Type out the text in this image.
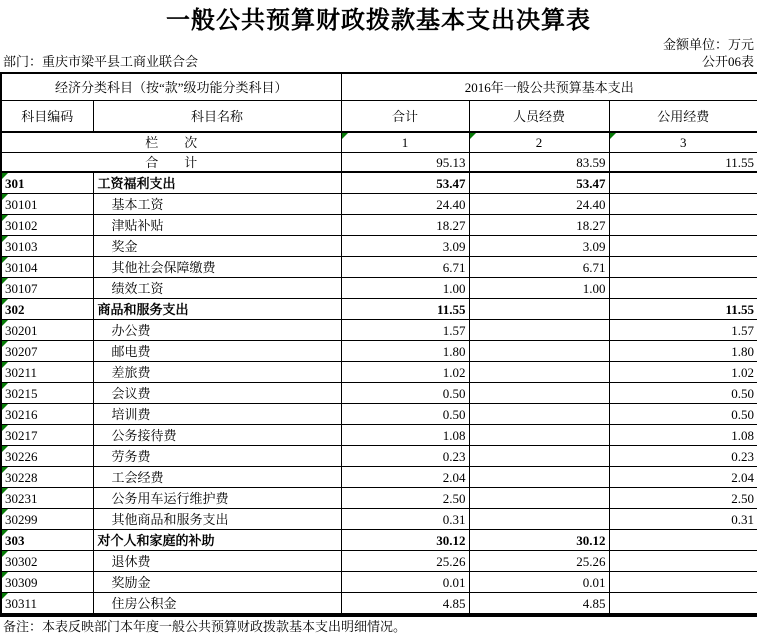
一般公共预算财政拨款基本支出决算表
金额单位：万元
部门：重庆市梁平县工商业联合会	公开06表
经济分类科目（按“款”级功能分类科目）		2016年一般公共预算基本支出		
科目编码	科目名称	合计	人员经费	公用经费
栏　　次		1	2	3
合　　计		95.13	83.59	11.55
301	工资福利支出	53.47	53.47	
30101	基本工资	24.40	24.40	
30102	津贴补贴	18.27	18.27	
30103	奖金	3.09	3.09	
30104	其他社会保障缴费	6.71	6.71	
30107	绩效工资	1.00	1.00	
302	商品和服务支出	11.55		11.55
30201	办公费	1.57		1.57
30207	邮电费	1.80		1.80
30211	差旅费	1.02		1.02
30215	会议费	0.50		0.50
30216	培训费	0.50		0.50
30217	公务接待费	1.08		1.08
30226	劳务费	0.23		0.23
30228	工会经费	2.04		2.04
30231	公务用车运行维护费	2.50		2.50
30299	其他商品和服务支出	0.31		0.31
303	对个人和家庭的补助	30.12	30.12	
30302	退休费	25.26	25.26	
30309	奖励金	0.01	0.01	
30311	住房公积金	4.85	4.85	
备注：本表反映部门本年度一般公共预算财政拨款基本支出明细情况。
